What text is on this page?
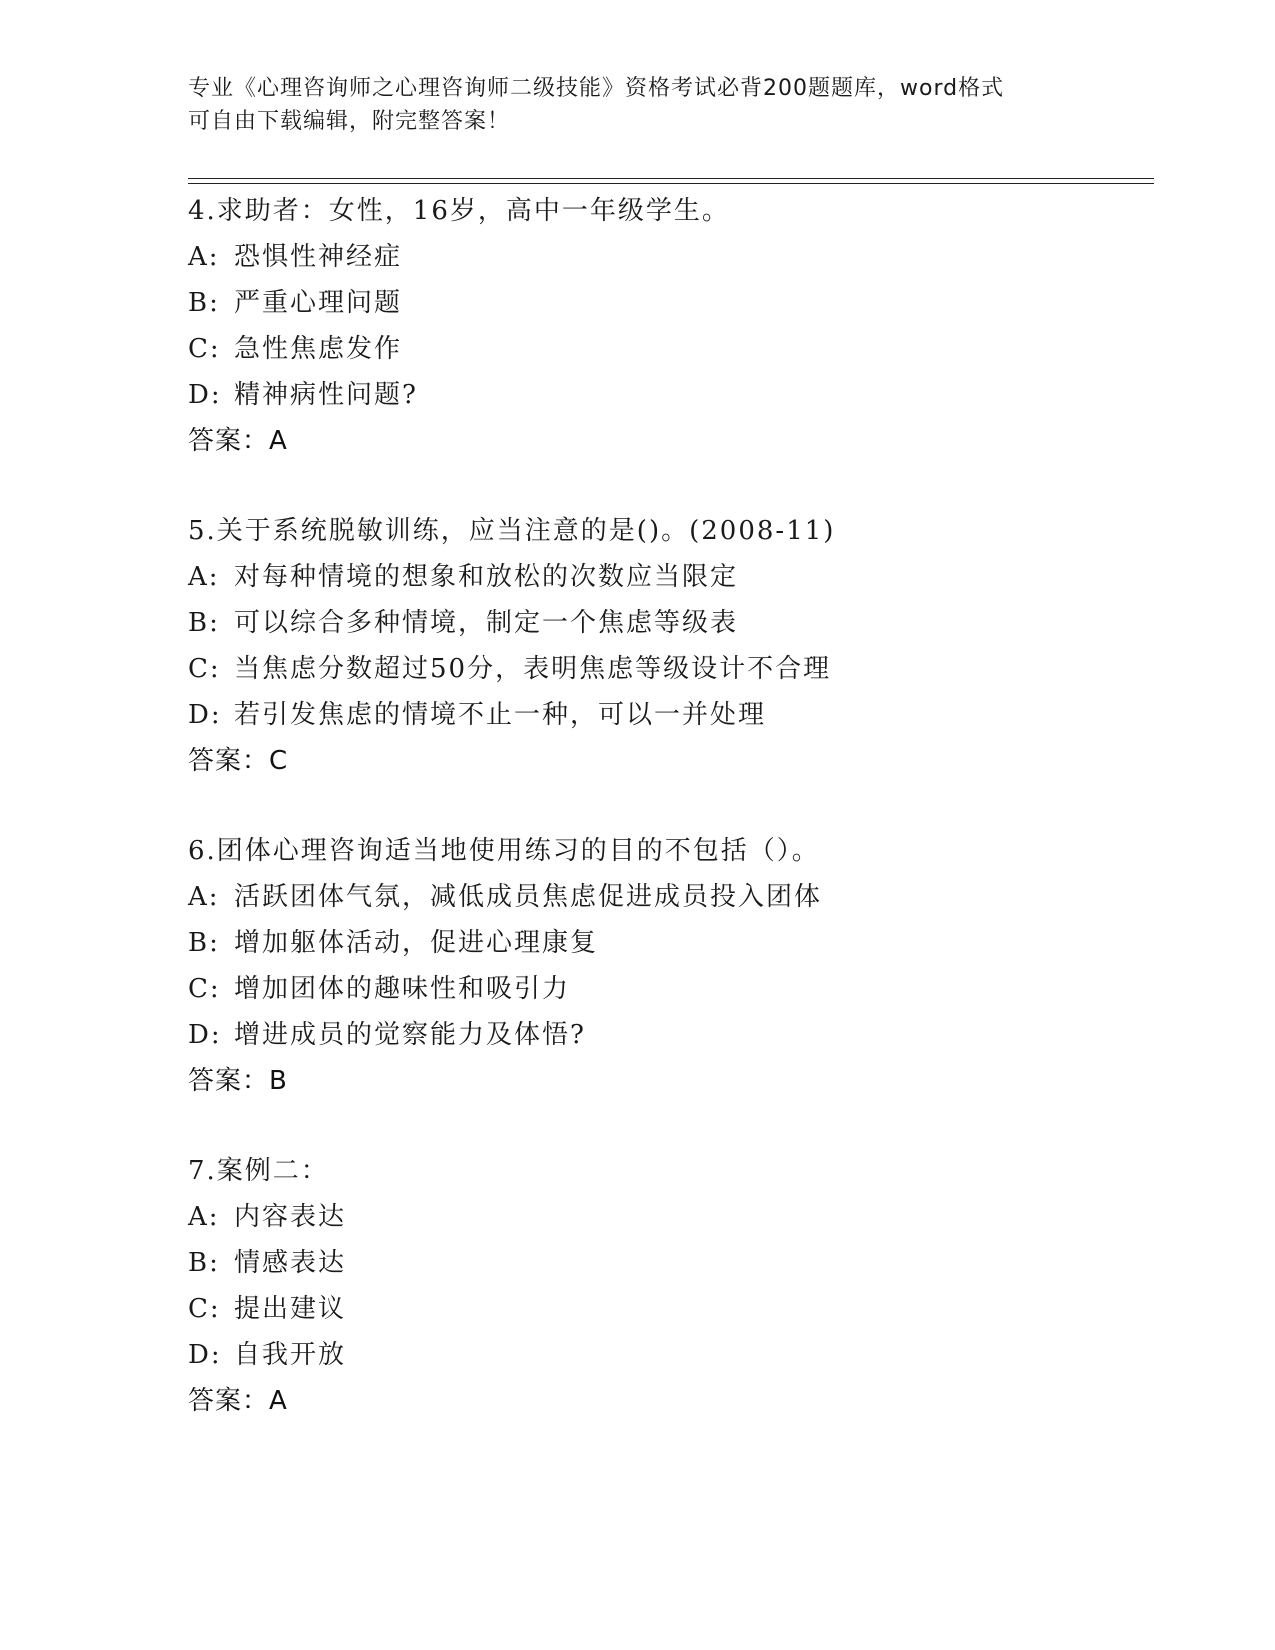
专业《心理咨询师之心理咨询师二级技能》资格考试必背200题题库，word格式
可自由下载编辑，附完整答案！
4.求助者：女性，16岁，高中一年级学生。
A: 恐惧性神经症
B: 严重心理问题
C: 急性焦虑发作
D: 精神病性问题?
答案：A
5.关于系统脱敏训练，应当注意的是()。(2008-11)
A: 对每种情境的想象和放松的次数应当限定
B: 可以综合多种情境，制定一个焦虑等级表
C: 当焦虑分数超过50分，表明焦虑等级设计不合理
D: 若引发焦虑的情境不止一种，可以一并处理
答案：C
6.团体心理咨询适当地使用练习的目的不包括（）。
A: 活跃团体气氛，减低成员焦虑促进成员投入团体
B: 增加躯体活动，促进心理康复
C: 增加团体的趣味性和吸引力
D: 增进成员的觉察能力及体悟?
答案：B
7.案例二：
A: 内容表达
B: 情感表达
C: 提出建议
D: 自我开放
答案：A
